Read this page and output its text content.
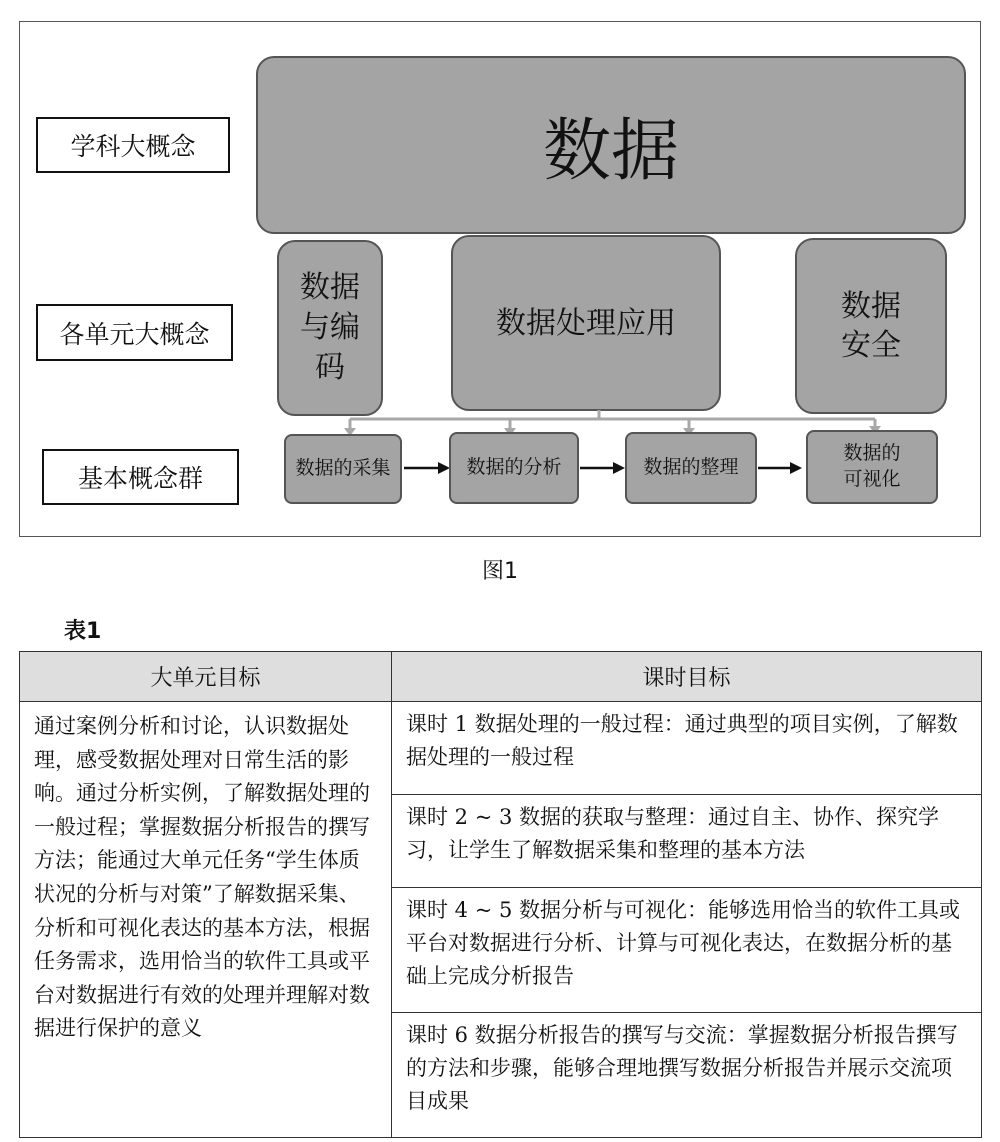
学科大概念
各单元大概念
基本概念群
数据
数据
与编
码
数据处理应用	数据
安全
数据的采集	数据的分析	数据的整理
数据的
可视化
图1
表1
大单元目标	课时目标
通过案例分析和讨论，认识数据处理，感受数据处理对日常生活的影响。通过分析实例，了解数据处理的一般过程；掌握数据分析报告的撰写方法；能通过大单元任务“学生体质状况的分析与对策”了解数据采集、分析和可视化表达的基本方法，根据任务需求，选用恰当的软件工具或平台对数据进行有效的处理并理解对数据进行保护的意义	课时 1 数据处理的一般过程：通过典型的项目实例，了解数据处理的一般过程
	课时 2 ~ 3 数据的获取与整理：通过自主、协作、探究学习，让学生了解数据采集和整理的基本方法
	课时 4 ~ 5 数据分析与可视化：能够选用恰当的软件工具或平台对数据进行分析、计算与可视化表达，在数据分析的基础上完成分析报告
	课时 6 数据分析报告的撰写与交流：掌握数据分析报告撰写的方法和步骤，能够合理地撰写数据分析报告并展示交流项目成果
